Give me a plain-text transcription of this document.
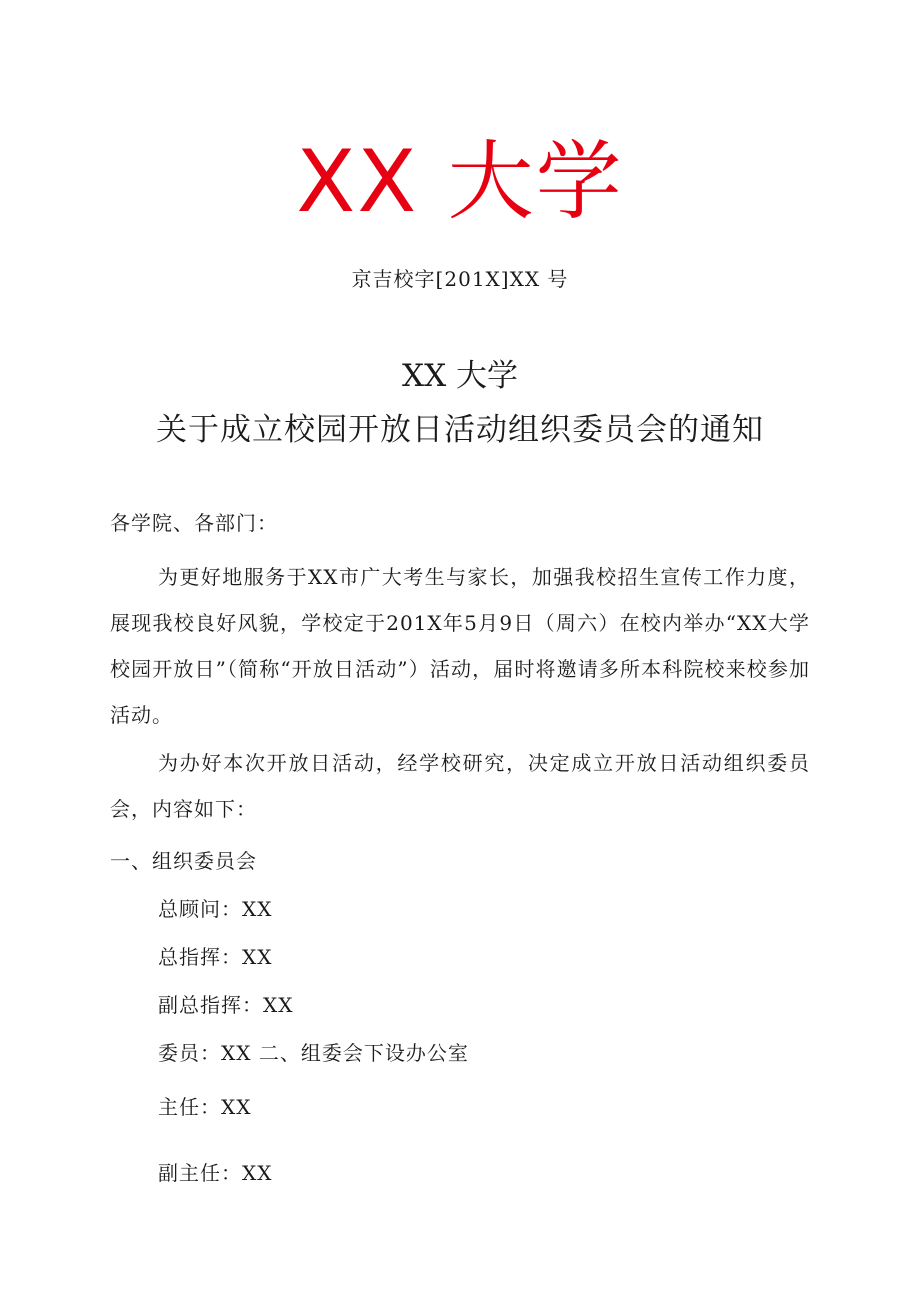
XX 大学
京吉校字[201X]XX 号
XX 大学
关于成立校园开放日活动组织委员会的通知
各学院、各部门：
为更好地服务于XX市广大考生与家长，加强我校招生宣传工作力度，展现我校良好风貌，学校定于201X年5月9日（周六）在校内举办“XX大学校园开放日”（简称“开放日活动”）活动，届时将邀请多所本科院校来校参加活动。
为办好本次开放日活动，经学校研究，决定成立开放日活动组织委员会，内容如下：
一、组织委员会
总顾问：XX
总指挥：XX
副总指挥：XX
委员：XX 二、组委会下设办公室
主任：XX
副主任：XX
